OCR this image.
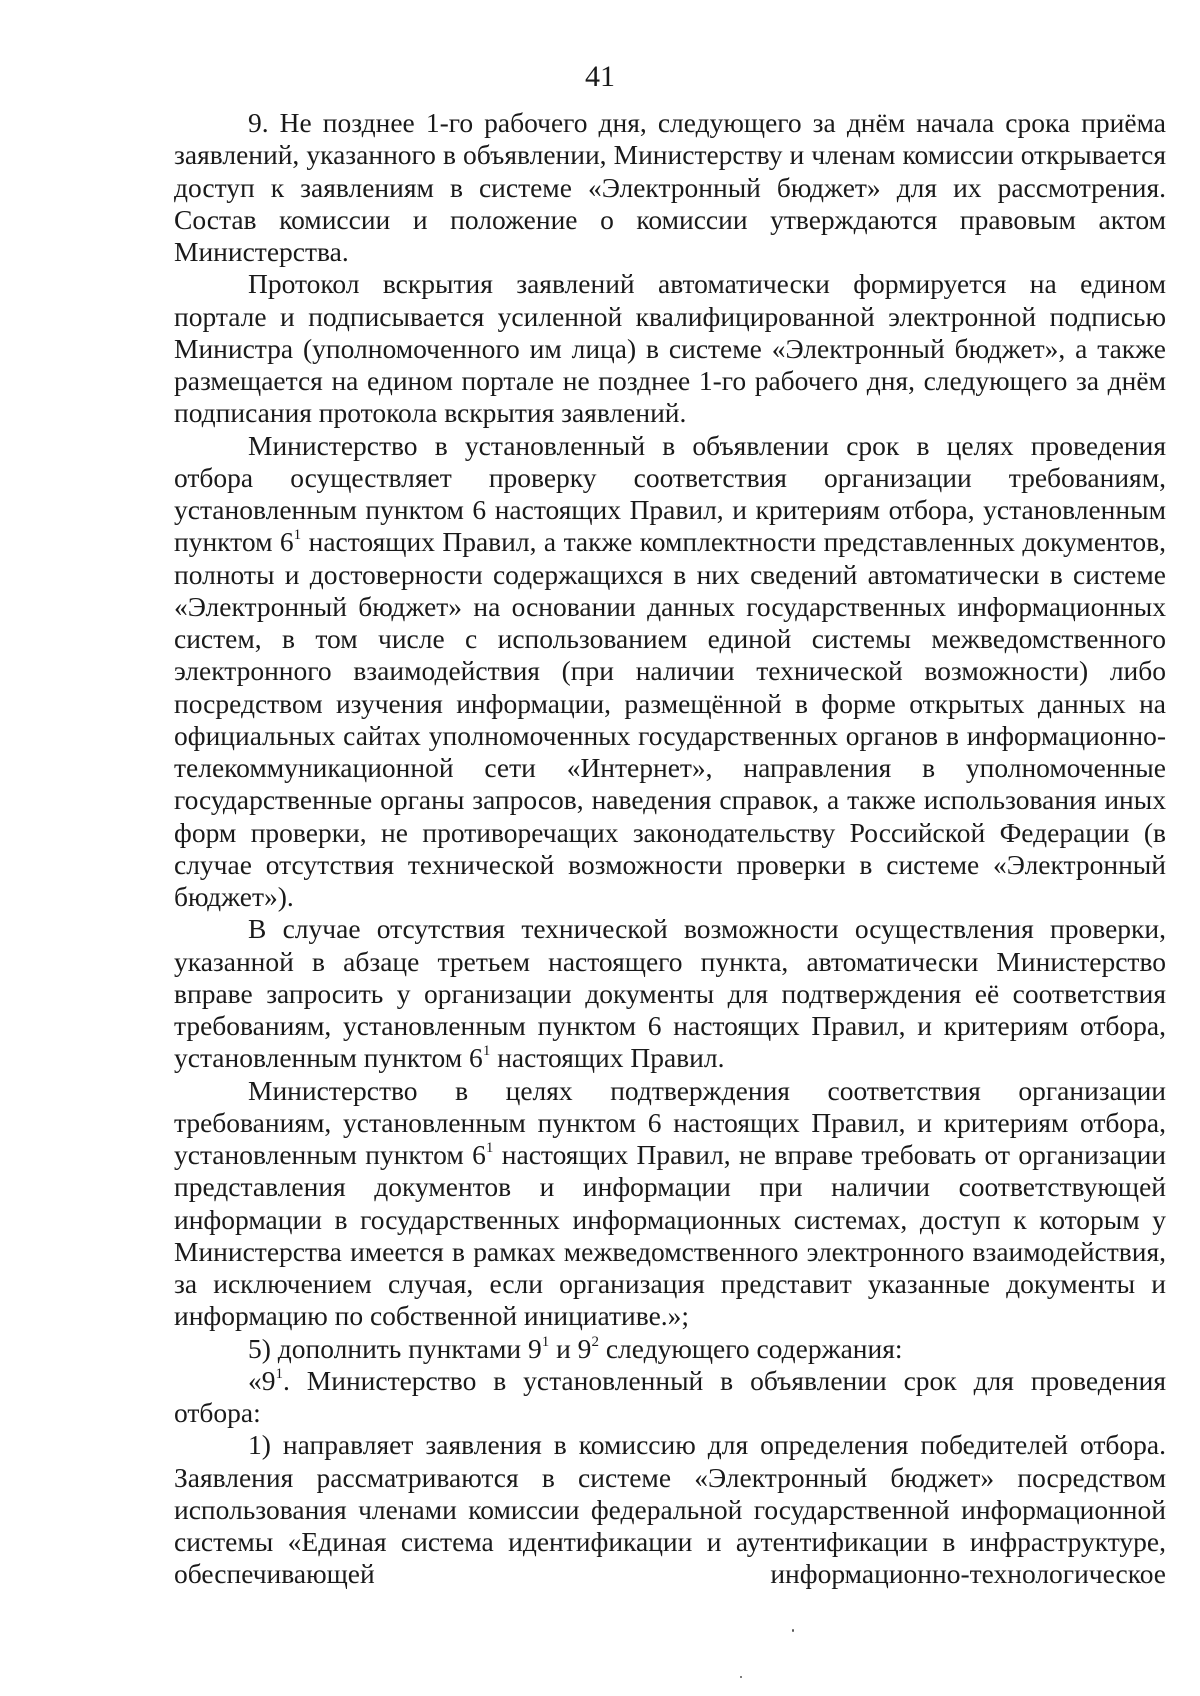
41

9. Не позднее 1-го рабочего дня, следующего за днём начала срока приёма заявлений, указанного в объявлении, Министерству и членам комиссии открывается доступ к заявлениям в системе «Электронный бюджет» для их рассмотрения. Состав комиссии и положение о комиссии утверждаются правовым актом Министерства.

Протокол вскрытия заявлений автоматически формируется на едином портале и подписывается усиленной квалифицированной электронной подписью Министра (уполномоченного им лица) в системе «Электронный бюджет», а также размещается на едином портале не позднее 1-го рабочего дня, следующего за днём подписания протокола вскрытия заявлений.

Министерство в установленный в объявлении срок в целях проведения отбора осуществляет проверку соответствия организации требованиям, установленным пунктом 6 настоящих Правил, и критериям отбора, установленным пунктом $6^1$ настоящих Правил, а также комплектности представленных документов, полноты и достоверности содержащихся в них сведений автоматически в системе «Электронный бюджет» на основании данных государственных информационных систем, в том числе с использованием единой системы межведомственного электронного взаимодействия (при наличии технической возможности) либо посредством изучения информации, размещённой в форме открытых данных на официальных сайтах уполномоченных государственных органов в информационно-телекоммуникационной сети «Интернет», направления в уполномоченные государственные органы запросов, наведения справок, а также использования иных форм проверки, не противоречащих законодательству Российской Федерации (в случае отсутствия технической возможности проверки в системе «Электронный бюджет»).

В случае отсутствия технической возможности осуществления проверки, указанной в абзаце третьем настоящего пункта, автоматически Министерство вправе запросить у организации документы для подтверждения её соответствия требованиям, установленным пунктом 6 настоящих Правил, и критериям отбора, установленным пунктом $6^1$ настоящих Правил.

Министерство в целях подтверждения соответствия организации требованиям, установленным пунктом 6 настоящих Правил, и критериям отбора, установленным пунктом $6^1$ настоящих Правил, не вправе требовать от организации представления документов и информации при наличии соответствующей информации в государственных информационных системах, доступ к которым у Министерства имеется в рамках межведомственного электронного взаимодействия, за исключением случая, если организация представит указанные документы и информацию по собственной инициативе.»;

5) дополнить пунктами $9^1$ и $9^2$ следующего содержания:

«$9^1$. Министерство в установленный в объявлении срок для проведения отбора:

1) направляет заявления в комиссию для определения победителей отбора. Заявления рассматриваются в системе «Электронный бюджет» посредством использования членами комиссии федеральной государственной информационной системы «Единая система идентификации и аутентификации в инфраструктуре, обеспечивающей информационно-технологическое
